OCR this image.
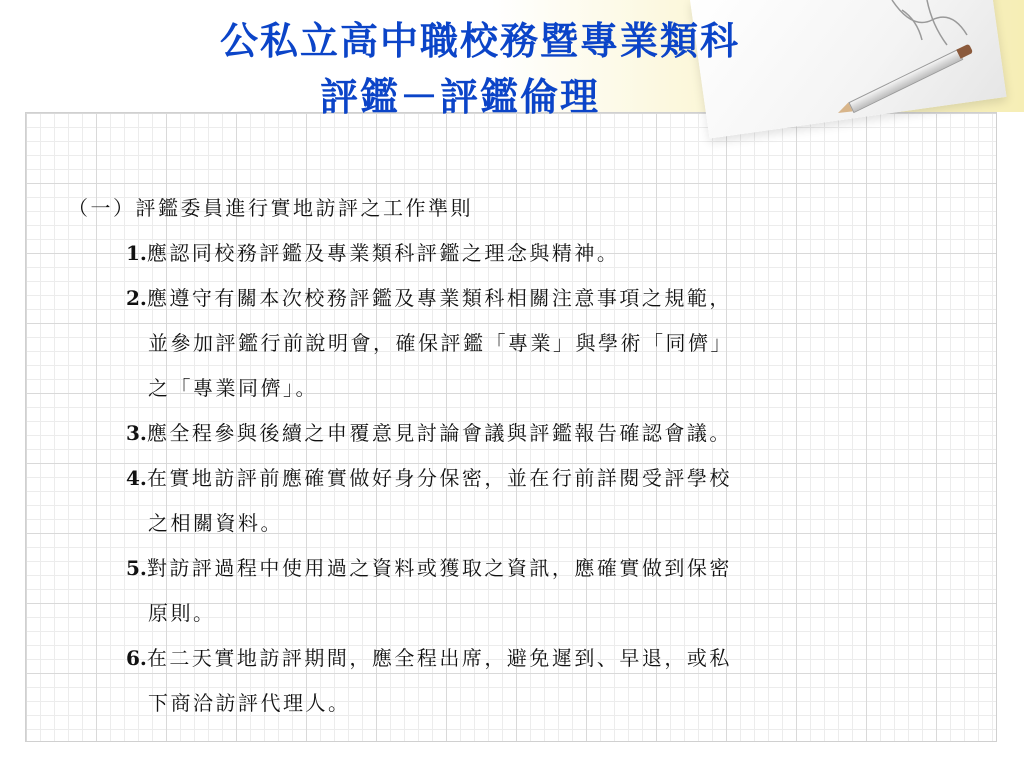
公私立高中職校務暨專業類科
評鑑－評鑑倫理
（一）評鑑委員進行實地訪評之工作準則
1.應認同校務評鑑及專業類科評鑑之理念與精神。
2.應遵守有關本次校務評鑑及專業類科相關注意事項之規範，
並參加評鑑行前說明會，確保評鑑「專業」與學術「同儕」
之「專業同儕」。
3.應全程參與後續之申覆意見討論會議與評鑑報告確認會議。
4.在實地訪評前應確實做好身分保密，並在行前詳閱受評學校
之相關資料。
5.對訪評過程中使用過之資料或獲取之資訊，應確實做到保密
原則。
6.在二天實地訪評期間，應全程出席，避免遲到、早退，或私
下商洽訪評代理人。
